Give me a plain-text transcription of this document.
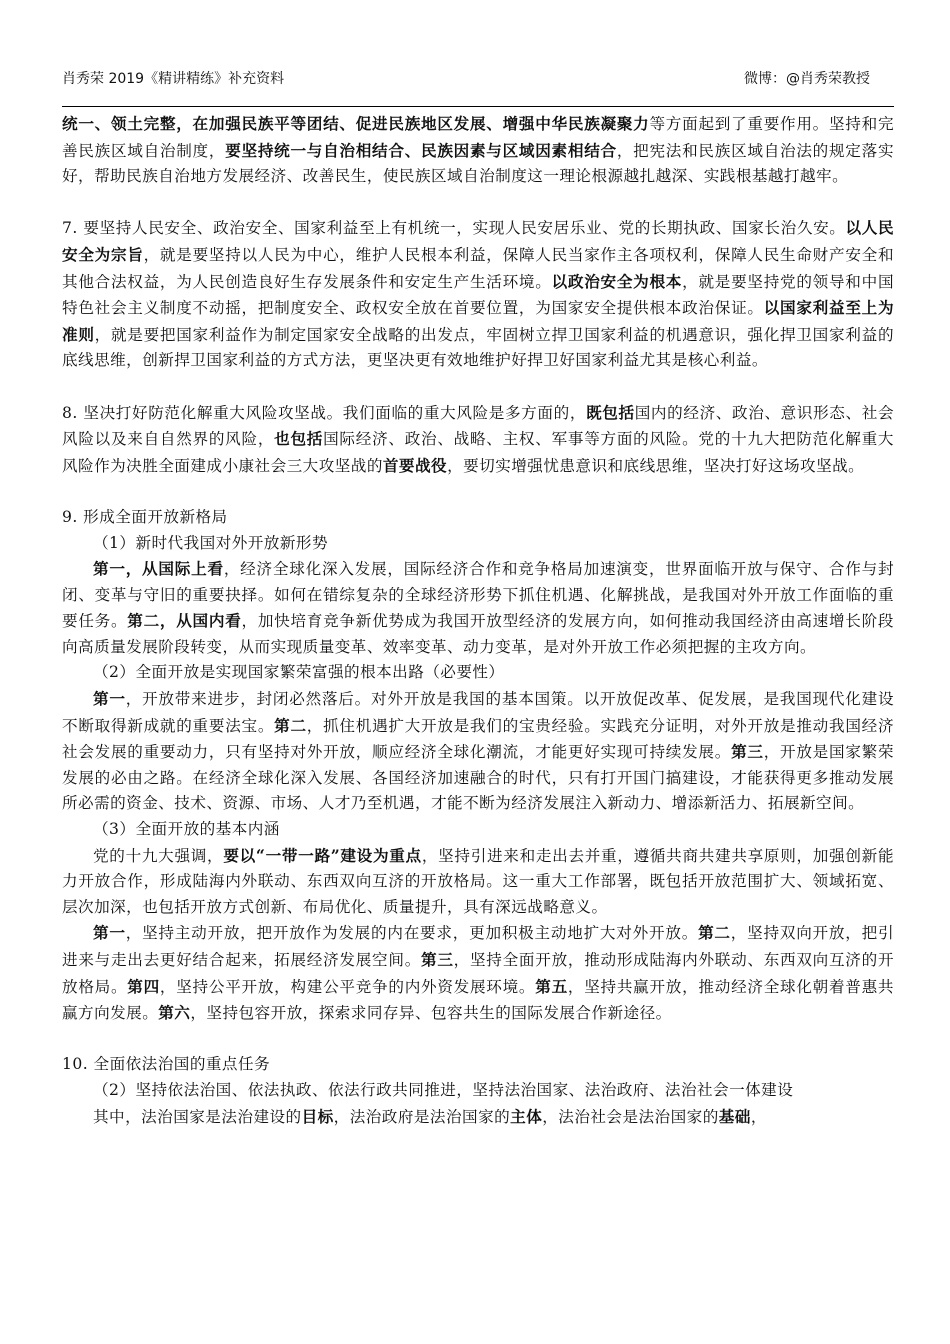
肖秀荣 2019《精讲精练》补充资料	微博：@肖秀荣教授

统一、领土完整，在加强民族平等团结、促进民族地区发展、增强中华民族凝聚力等方面起到了重要作用。坚持和完善民族区域自治制度，要坚持统一与自治相结合、民族因素与区域因素相结合，把宪法和民族区域自治法的规定落实好，帮助民族自治地方发展经济、改善民生，使民族区域自治制度这一理论根源越扎越深、实践根基越打越牢。

7. 要坚持人民安全、政治安全、国家利益至上有机统一，实现人民安居乐业、党的长期执政、国家长治久安。以人民安全为宗旨，就是要坚持以人民为中心，维护人民根本利益，保障人民当家作主各项权利，保障人民生命财产安全和其他合法权益，为人民创造良好生存发展条件和安定生产生活环境。以政治安全为根本，就是要坚持党的领导和中国特色社会主义制度不动摇，把制度安全、政权安全放在首要位置，为国家安全提供根本政治保证。以国家利益至上为准则，就是要把国家利益作为制定国家安全战略的出发点，牢固树立捍卫国家利益的机遇意识，强化捍卫国家利益的底线思维，创新捍卫国家利益的方式方法，更坚决更有效地维护好捍卫好国家利益尤其是核心利益。

8. 坚决打好防范化解重大风险攻坚战。我们面临的重大风险是多方面的，既包括国内的经济、政治、意识形态、社会风险以及来自自然界的风险，也包括国际经济、政治、战略、主权、军事等方面的风险。党的十九大把防范化解重大风险作为决胜全面建成小康社会三大攻坚战的首要战役，要切实增强忧患意识和底线思维，坚决打好这场攻坚战。

9. 形成全面开放新格局

（1）新时代我国对外开放新形势

第一，从国际上看，经济全球化深入发展，国际经济合作和竞争格局加速演变，世界面临开放与保守、合作与封闭、变革与守旧的重要抉择。如何在错综复杂的全球经济形势下抓住机遇、化解挑战，是我国对外开放工作面临的重要任务。第二，从国内看，加快培育竞争新优势成为我国开放型经济的发展方向，如何推动我国经济由高速增长阶段向高质量发展阶段转变，从而实现质量变革、效率变革、动力变革，是对外开放工作必须把握的主攻方向。

（2）全面开放是实现国家繁荣富强的根本出路（必要性）

第一，开放带来进步，封闭必然落后。对外开放是我国的基本国策。以开放促改革、促发展，是我国现代化建设不断取得新成就的重要法宝。第二，抓住机遇扩大开放是我们的宝贵经验。实践充分证明，对外开放是推动我国经济社会发展的重要动力，只有坚持对外开放，顺应经济全球化潮流，才能更好实现可持续发展。第三，开放是国家繁荣发展的必由之路。在经济全球化深入发展、各国经济加速融合的时代，只有打开国门搞建设，才能获得更多推动发展所必需的资金、技术、资源、市场、人才乃至机遇，才能不断为经济发展注入新动力、增添新活力、拓展新空间。

（3）全面开放的基本内涵

党的十九大强调，要以“一带一路”建设为重点，坚持引进来和走出去并重，遵循共商共建共享原则，加强创新能力开放合作，形成陆海内外联动、东西双向互济的开放格局。这一重大工作部署，既包括开放范围扩大、领域拓宽、层次加深，也包括开放方式创新、布局优化、质量提升，具有深远战略意义。

第一，坚持主动开放，把开放作为发展的内在要求，更加积极主动地扩大对外开放。第二，坚持双向开放，把引进来与走出去更好结合起来，拓展经济发展空间。第三，坚持全面开放，推动形成陆海内外联动、东西双向互济的开放格局。第四，坚持公平开放，构建公平竞争的内外资发展环境。第五，坚持共赢开放，推动经济全球化朝着普惠共赢方向发展。第六，坚持包容开放，探索求同存异、包容共生的国际发展合作新途径。

10. 全面依法治国的重点任务

（2）坚持依法治国、依法执政、依法行政共同推进，坚持法治国家、法治政府、法治社会一体建设

其中，法治国家是法治建设的目标，法治政府是法治国家的主体，法治社会是法治国家的基础，
